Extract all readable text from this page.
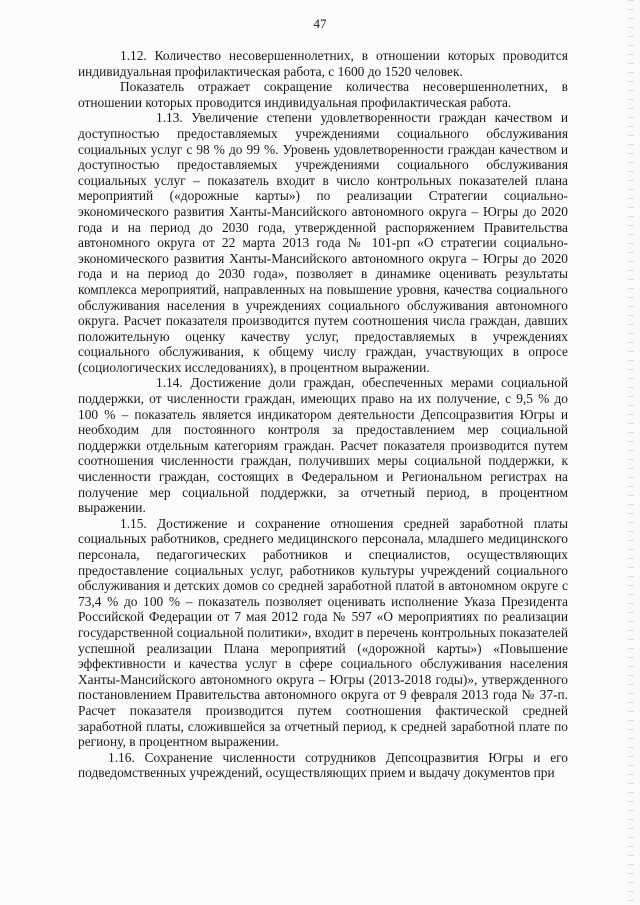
47

1.12. Количество несовершеннолетних, в отношении которых проводится индивидуальная профилактическая работа, с 1600 до 1520 человек.

Показатель отражает сокращение количества несовершеннолетних, в отношении которых проводится индивидуальная профилактическая работа.

1.13. Увеличение степени удовлетворенности граждан качеством и доступностью предоставляемых учреждениями социального обслуживания социальных услуг с 98 % до 99 %. Уровень удовлетворенности граждан качеством и доступностью предоставляемых учреждениями социального обслуживания социальных услуг – показатель входит в число контрольных показателей плана мероприятий («дорожные карты») по реализации Стратегии социально-экономического развития Ханты-Мансийского автономного округа – Югры до 2020 года и на период до 2030 года, утвержденной распоряжением Правительства автономного округа от 22 марта 2013 года № 101-рп «О стратегии социально-экономического развития Ханты-Мансийского автономного округа – Югры до 2020 года и на период до 2030 года», позволяет в динамике оценивать результаты комплекса мероприятий, направленных на повышение уровня, качества социального обслуживания населения в учреждениях социального обслуживания автономного округа. Расчет показателя производится путем соотношения числа граждан, давших положительную оценку качеству услуг, предоставляемых в учреждениях социального обслуживания, к общему числу граждан, участвующих в опросе (социологических исследованиях), в процентном выражении.

1.14. Достижение доли граждан, обеспеченных мерами социальной поддержки, от численности граждан, имеющих право на их получение, с 9,5 % до 100 % – показатель является индикатором деятельности Депсоцразвития Югры и необходим для постоянного контроля за предоставлением мер социальной поддержки отдельным категориям граждан. Расчет показателя производится путем соотношения численности граждан, получивших меры социальной поддержки, к численности граждан, состоящих в Федеральном и Региональном регистрах на получение мер социальной поддержки, за отчетный период, в процентном выражении.

1.15. Достижение и сохранение отношения средней заработной платы социальных работников, среднего медицинского персонала, младшего медицинского персонала, педагогических работников и специалистов, осуществляющих предоставление социальных услуг, работников культуры учреждений социального обслуживания и детских домов со средней заработной платой в автономном округе с 73,4 % до 100 % – показатель позволяет оценивать исполнение Указа Президента Российской Федерации от 7 мая 2012 года № 597 «О мероприятиях по реализации государственной социальной политики», входит в перечень контрольных показателей успешной реализации Плана мероприятий («дорожной карты») «Повышение эффективности и качества услуг в сфере социального обслуживания населения Ханты-Мансийского автономного округа – Югры (2013-2018 годы)», утвержденного постановлением Правительства автономного округа от 9 февраля 2013 года № 37-п. Расчет показателя производится путем соотношения фактической средней заработной платы, сложившейся за отчетный период, к средней заработной плате по региону, в процентном выражении.

1.16. Сохранение численности сотрудников Депсоцразвития Югры и его подведомственных учреждений, осуществляющих прием и выдачу документов при
